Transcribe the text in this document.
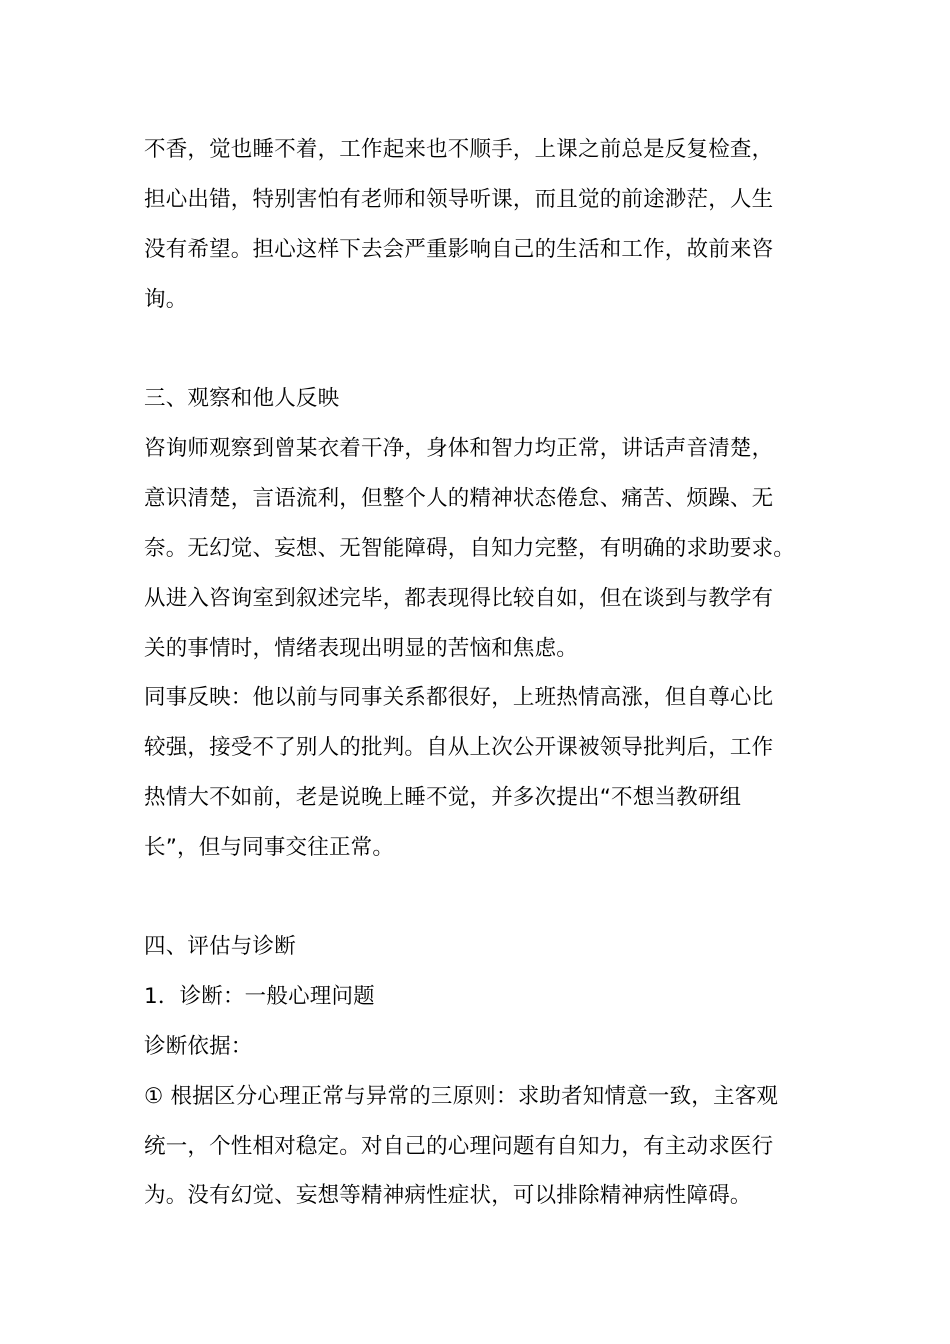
不香，觉也睡不着，工作起来也不顺手，上课之前总是反复检查，
担心出错，特别害怕有老师和领导听课，而且觉的前途渺茫，人生
没有希望。担心这样下去会严重影响自己的生活和工作，故前来咨
询。
三、观察和他人反映
咨询师观察到曾某衣着干净，身体和智力均正常，讲话声音清楚，
意识清楚，言语流利，但整个人的精神状态倦怠、痛苦、烦躁、无
奈。无幻觉、妄想、无智能障碍，自知力完整，有明确的求助要求。
从进入咨询室到叙述完毕，都表现得比较自如，但在谈到与教学有
关的事情时，情绪表现出明显的苦恼和焦虑。
同事反映：他以前与同事关系都很好，上班热情高涨，但自尊心比
较强，接受不了别人的批判。自从上次公开课被领导批判后，工作
热情大不如前，老是说晚上睡不觉，并多次提出“不想当教研组
长”，但与同事交往正常。
四、评估与诊断
1．诊断：一般心理问题
诊断依据：
① 根据区分心理正常与异常的三原则：求助者知情意一致，主客观
统一，个性相对稳定。对自己的心理问题有自知力，有主动求医行
为。没有幻觉、妄想等精神病性症状，可以排除精神病性障碍。
